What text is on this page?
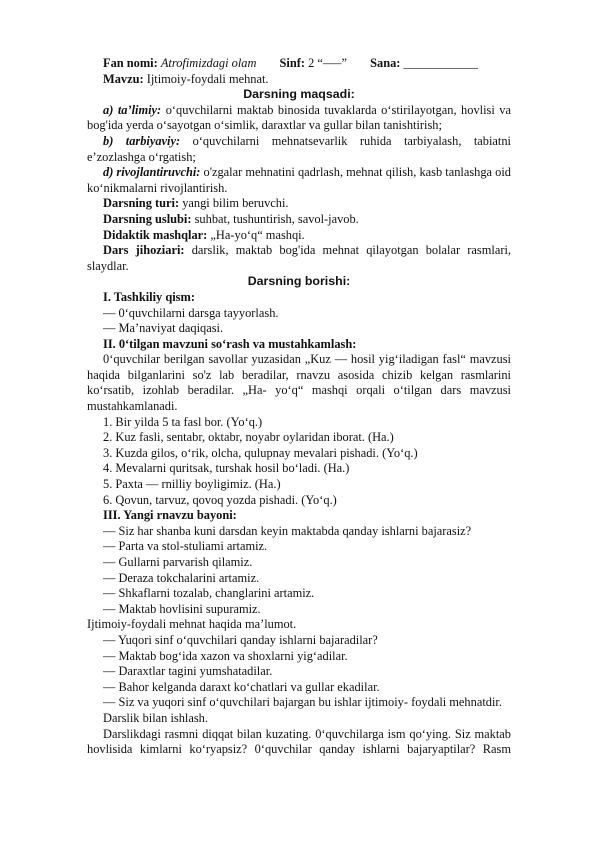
Fan nomi: Atrofimizdagi olam Sinf: 2 “—–” Sana: ____________

Mavzu: Ijtimoiy-foydali mehnat.

Darsning maqsadi:

a) ta’limiy: o‘quvchilarni maktab binosida tuvaklarda o‘stirilayotgan, hovlisi va bog'ida yerda o‘sayotgan o‘simlik, daraxtlar va gullar bilan tanishtirish;

b) tarbiyaviy: o‘quvchilarni mehnatsevarlik ruhida tarbiyalash, tabiatni e’zozlashga o‘rgatish;

d) rivojlantiruvchi: o'zgalar mehnatini qadrlash, mehnat qilish, kasb tanlashga oid ko‘nikmalarni rivojlantirish.

Darsning turi: yangi bilim beruvchi.

Darsning uslubi: suhbat, tushuntirish, savol-javob.

Didaktik mashqlar: „Ha-yo‘q“ mashqi.

Dars jihoziari: darslik, maktab bog'ida mehnat qilayotgan bolalar rasmlari, slaydlar.

Darsning borishi:

I. Tashkiliy qism:

— 0‘quvchilarni darsga tayyorlash.

— Ma’naviyat daqiqasi.

II. 0‘tilgan mavzuni so‘rash va mustahkamlash:

0‘quvchilar berilgan savollar yuzasidan „Kuz — hosil yig‘iladigan fasl“ mavzusi haqida bilganlarini so'z lab beradilar, rnavzu asosida chizib kelgan rasmlarini ko‘rsatib, izohlab beradilar. „Ha- yo‘q“ mashqi orqali o‘tilgan dars mavzusi mustahkamlanadi.

1. Bir yilda 5 ta fasl bor. (Yo‘q.)

2. Kuz fasli, sentabr, oktabr, noyabr oylaridan iborat. (Ha.)

3. Kuzda gilos, o‘rik, olcha, qulupnay mevalari pishadi. (Yo‘q.)

4. Mevalarni quritsak, turshak hosil bo‘ladi. (Ha.)

5. Paxta — rnilliy boyligimiz. (Ha.)

6. Qovun, tarvuz, qovoq yozda pishadi. (Yo‘q.)

III. Yangi rnavzu bayoni:

— Siz har shanba kuni darsdan keyin maktabda qanday ishlarni bajarasiz?

— Parta va stol-stuliami artamiz.

— Gullarni parvarish qilamiz.

— Deraza tokchalarini artamiz.

— Shkaflarni tozalab, changlarini artamiz.

— Maktab hovlisini supuramiz.

Ijtimoiy-foydali mehnat haqida ma’lumot.

— Yuqori sinf o‘quvchilari qanday ishlarni bajaradilar?

— Maktab bog‘ida xazon va shoxlarni yig‘adilar.

— Daraxtlar tagini yumshatadilar.

— Bahor kelganda daraxt ko‘chatlari va gullar ekadilar.

— Siz va yuqori sinf o‘quvchilari bajargan bu ishlar ijtimoiy- foydali mehnatdir.

Darslik bilan ishlash.

Darslikdagi rasmni diqqat bilan kuzating. 0‘quvchilarga ism qo‘ying. Siz maktab hovlisida kimlarni ko‘ryapsiz? 0‘quvchilar qanday ishlarni bajaryaptilar? Rasm
